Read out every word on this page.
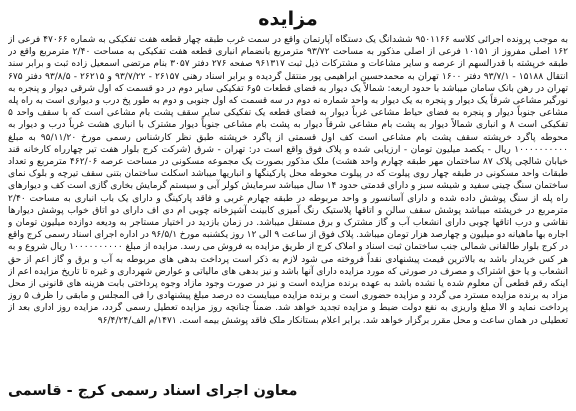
مزایده

به موجب پرونده اجرائی کلاسه ۹۵۰۱۱۶۶ ششدانگ یک دستگاه آپارتمان واقع در سمت غرب طبقه چهار قطعه هفت تفکیکی به شماره ۴۷۰۶۶ فرعی از ۱۶۲ اصلی مفروز از ۱۰۱۵۱ فرعی از اصلی مذکور به مساحت ۹۳/۷۲ مترمربع بانضمام انباری قطعه هفت تفکیکی به مساحت ۲/۴۰ مترمربع واقع در طبقه خرپشته با قدرالسهم از عرصه و سایر مشاعات و مشترکات ذیل ثبت ۹۶۱۳۱۷ صفحه ۲۷۶ دفتر ۳۰۵۷ بنام مرتضی اسمعیل زاده ثبت و برابر سند انتقال ۱۵۱۸۸ - ۹۳/۷/۱ دفتر ۱۶۰۰ تهران به محمدحسین ابراهیمی پور منتقل گردیده و برابر اسناد رهنی ۲۶۱۵۷ - ۹۳/۷/۲۲ و ۲۶۲۱۵ - ۹۳/۸/۵ دفتر ۶۷۵ تهران در رهن بانک سامان میباشد با حدود اربعه: شمالاً یک دیوار به فضای قطعات ۵و۶ تفکیکی سایر دوم در دو قسمت که اول شرقی دیوار و پنجره به نورگیر مشاعی شرقاً یک دیوار و پنجره به یک دیوار به واحد شماره نه دوم در سه قسمت که اول جنوبی و دوم به طور پخ درب و دیواری است به راه پله مشاعی جنوباً دیوار و پنجره به فضای حیاط مشاعی غرباً دیوار به فضای قطعه یک تفکیکی سایر سقف پشت بام مشاعی است که با سقف واحد ۵ تفکیکی است ۸ و انباری شمالاً دیوار به پشت بام مشاعی شرقاً دیوار به پشت بام مشاعی جنوباً دیوار مشترک با انباری هشت غرباً درب و دیوار به محوطه پاگرد خرپشته سقف پشت بام مشاعی است کف اول قسمتی از پاگرد خرپشته طبق نظر کارشناس رسمی مورخ ۹۵/۱۱/۲۰ به مبلغ ۱۰۰۰۰۰۰۰۰۰۰ ریال - یکصد میلیون تومان - ارزیابی شده و پلاک فوق واقع است در: تهران - شرق (شرکت کرج بلوار هفت تیر چهارراه کارخانه قند خیابان شالچی پلاک ۸۷ ساختمان مهر طبقه چهارم واحد هشت) ملک مذکور بصورت یک مجموعه مسکونی در مساحت عرصه ۴۶۲/۰۶ مترمربع و تعداد طبقات واحد مسکونی در طبقه چهار روی پیلوت که در پیلوت محوطه محل پارکینگها و انباریها میباشد اسکلت ساختمان بتنی سقف تیرچه و بلوک نمای ساختمان سنگ چینی سفید و شیشه سبز و دارای قدمتی حدود ۱۴ سال میباشد سرمایش کولر آبی و سیستم گرمایش بخاری گازی است کف و دیوارهای راه پله از سنگ پوشش داده شده و دارای آسانسور و واحد مربوطه در طبقه چهارم غربی و فاقد پارکینگ و دارای یک باب انباری به مساحت ۲/۴۰ مترمربع در خرپشته میباشد پوشش سقف سالن و اتاقها پلاستیک رنگ آمیزی کابینت آشپزخانه چوبی ام دی اف دارای دو اتاق خواب پوشش دیوارها نقاشی و درب اتاقها چوبی دارای انشعاب آب و گاز مشترک و برق مستقل میباشد. در زمان بازدید در اختیار مستاجر به ودیعه دوازده میلیون تومان و اجاره بها ماهیانه دو میلیون و چهارصد هزار تومان میباشد. پلاک فوق از ساعت ۹ الی ۱۲ روز یکشنبه مورخ ۹۶/۵/۱ در اداره اجرای اسناد رسمی کرج واقع در کرج بلوار طالقانی شمالی جنب ساختمان ثبت اسناد و املاک کرج از طریق مزایده به فروش می رسد. مزایده از مبلغ ۱۰۰۰۰۰۰۰۰۰۰ ریال شروع و به هر کس خریدار باشد به بالاترین قیمت پیشنهادی نقداً فروخته می شود لازم به ذکر است پرداخت بدهی های مربوطه به آب و برق و گاز اعم از حق انشعاب و یا حق اشتراک و مصرف در صورتی که مورد مزایده دارای آنها باشد و نیز بدهی های مالیاتی و عوارض شهرداری و غیره تا تاریخ مزایده اعم از اینکه رقم قطعی آن معلوم شده یا نشده باشد به عهده برنده مزایده است و نیز در صورت وجود مازاد وجوه پرداختی بابت هزینه های قانونی از محل مزاد به برنده مزایده مسترد می گردد و مزایده حضوری است و برنده مزایده میبایست ده درصد مبلغ پیشنهادی را فی المجلس و مابقی را ظرف ۵ روز پرداخت نماید و الا مبلغ واریزی به نفع دولت ضبط و مزایده تجدید خواهد شد. ضمناً چنانچه روز مزایده تعطیل رسمی گردد، مزایده روز اداری بعد از تعطیلی در همان ساعت و محل مقرر برگزار خواهد شد. برابر اعلام بستانکار ملک فاقد پوشش بیمه است. ۱۴۷۱/م الف/۹۶/۴/۲۴

معاون اجرای اسناد رسمی کرج - قاسمی
